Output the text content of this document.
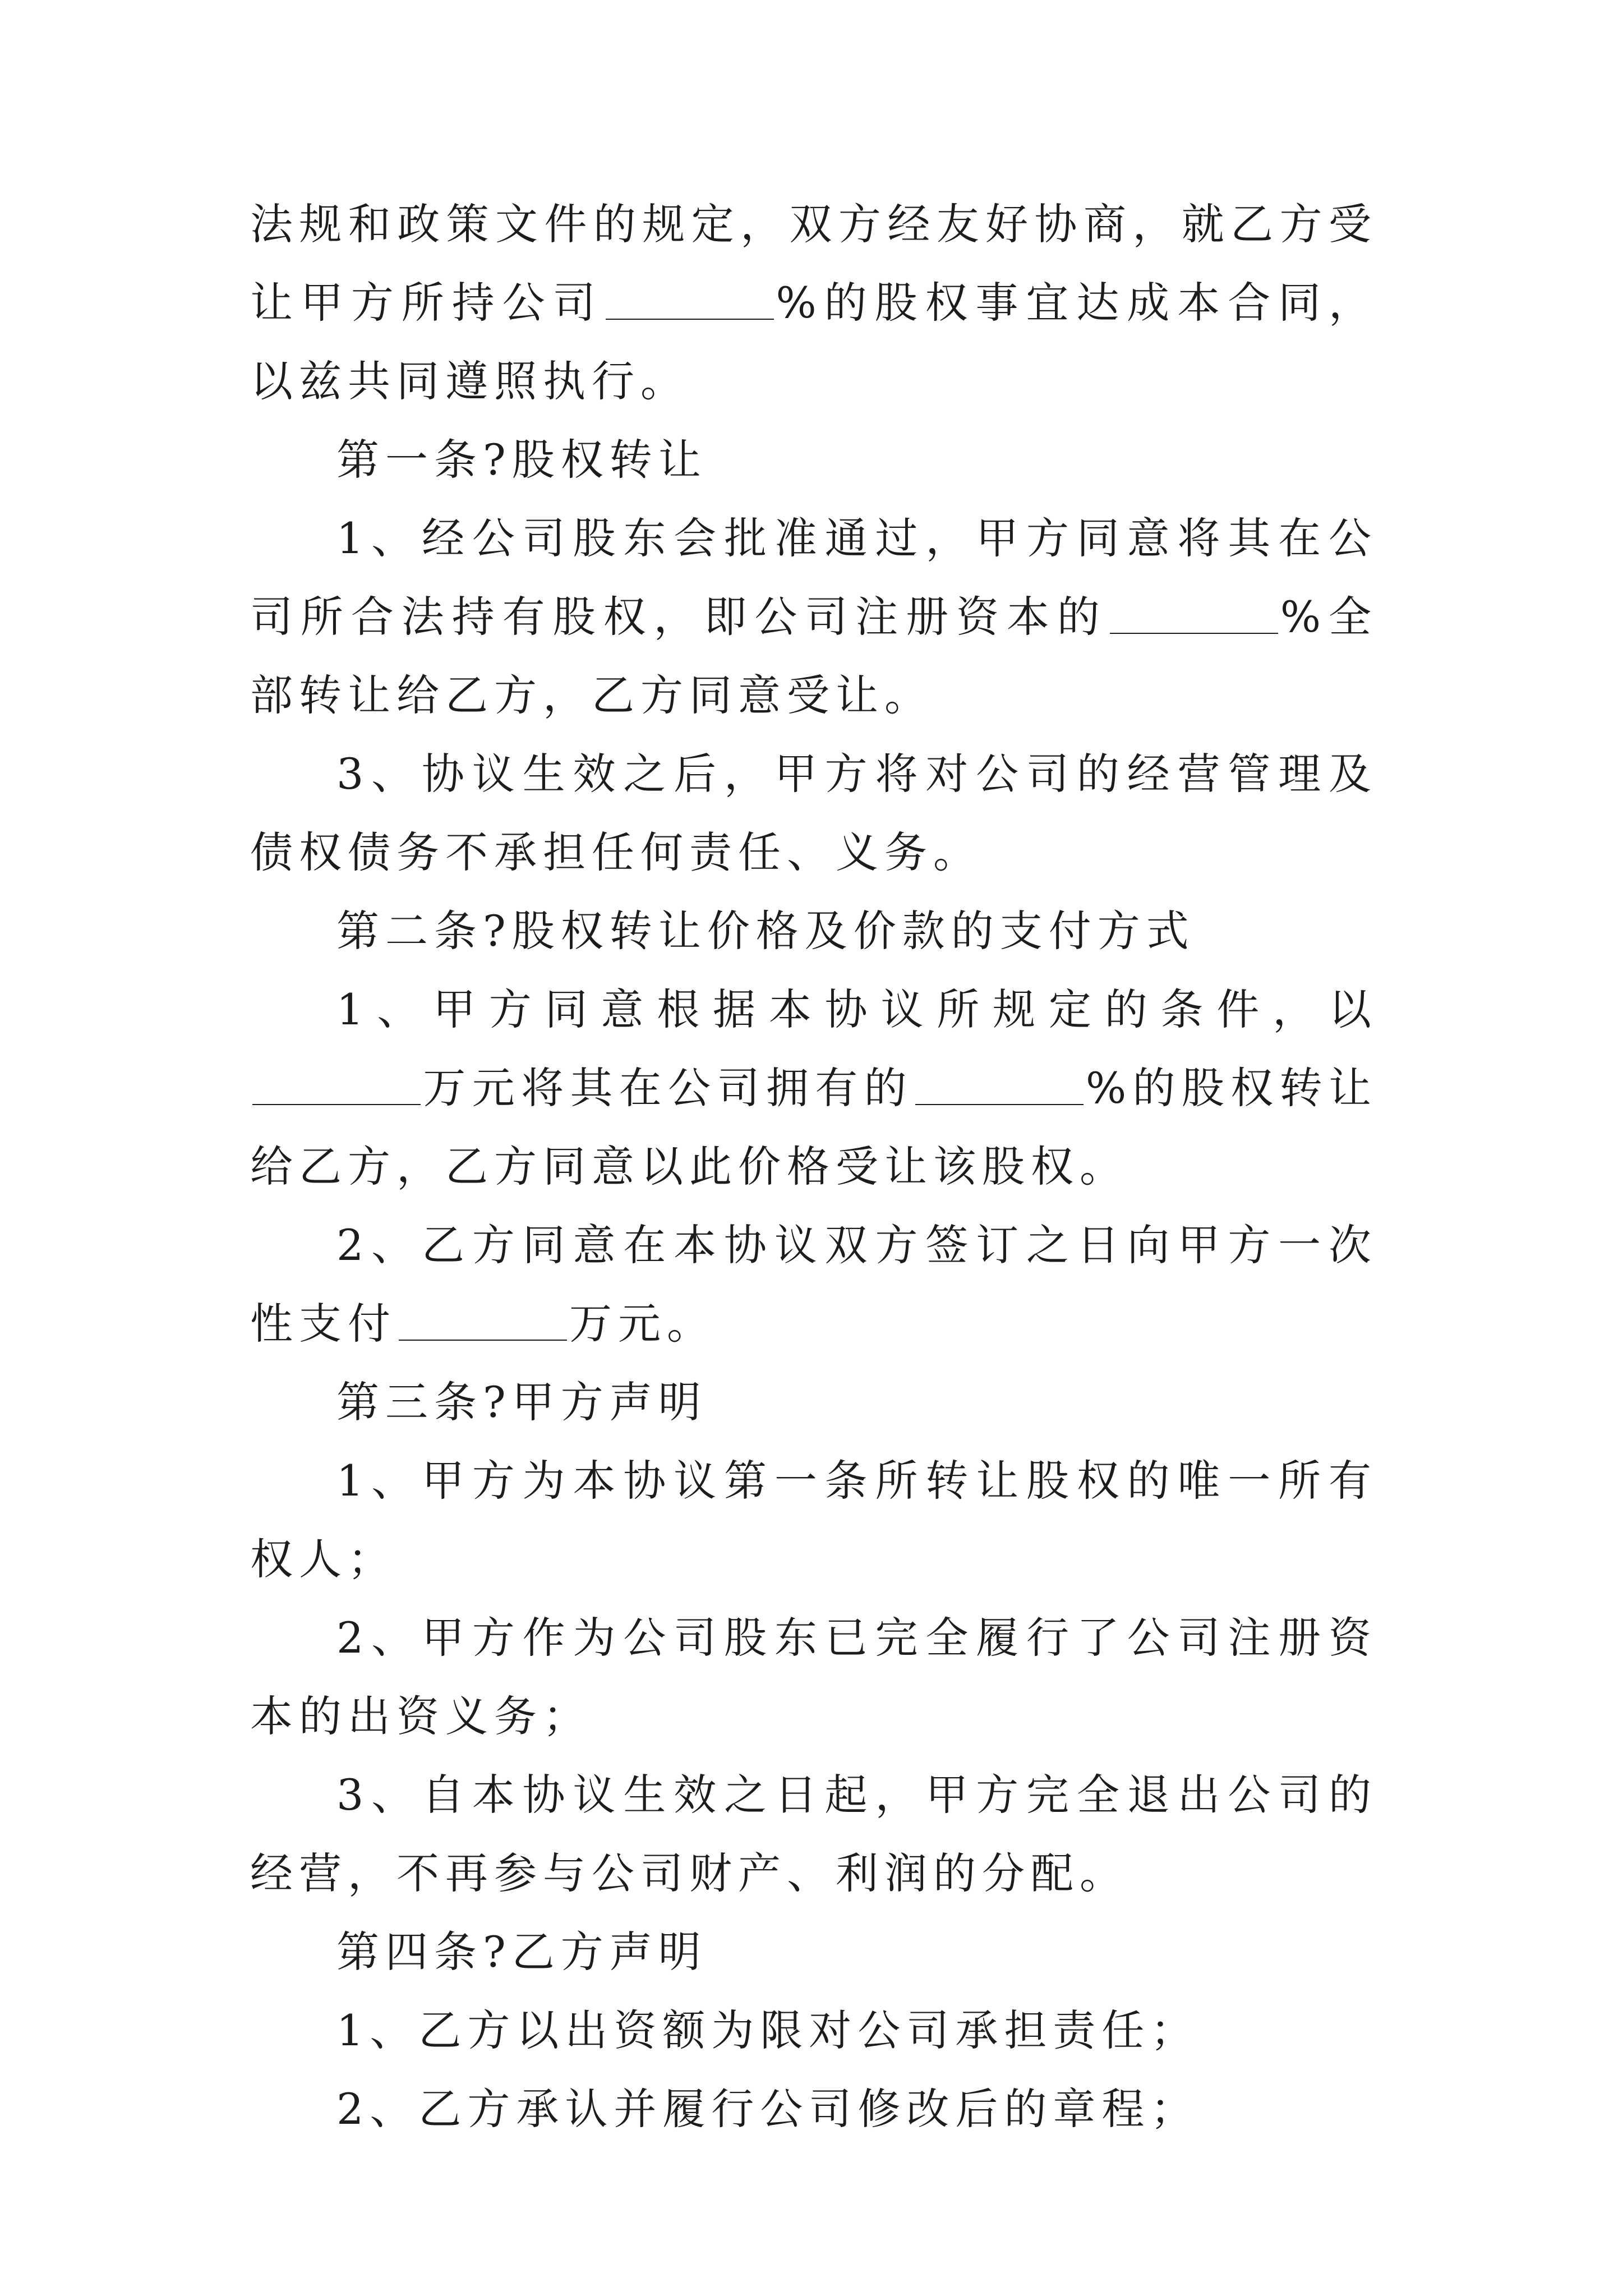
法规和政策文件的规定，双方经友好协商，就乙方受让甲方所持公司	%的股权事宜达成本合同，以兹共同遵照执行。

第一条?股权转让

1、经公司股东会批准通过，甲方同意将其在公司所合法持有股权，即公司注册资本的	%全部转让给乙方，乙方同意受让。

3、协议生效之后，甲方将对公司的经营管理及债权债务不承担任何责任、义务。

第二条?股权转让价格及价款的支付方式

1、甲方同意根据本协议所规定的条件，以万元将其在公司拥有的	%的股权转让给乙方，乙方同意以此价格受让该股权。

2、乙方同意在本协议双方签订之日向甲方一次性支付	万元。

第三条?甲方声明

1、甲方为本协议第一条所转让股权的唯一所有权人；

2、甲方作为公司股东已完全履行了公司注册资本的出资义务；

3、自本协议生效之日起，甲方完全退出公司的经营，不再参与公司财产、利润的分配。

第四条?乙方声明

1、乙方以出资额为限对公司承担责任；

2、乙方承认并履行公司修改后的章程；
